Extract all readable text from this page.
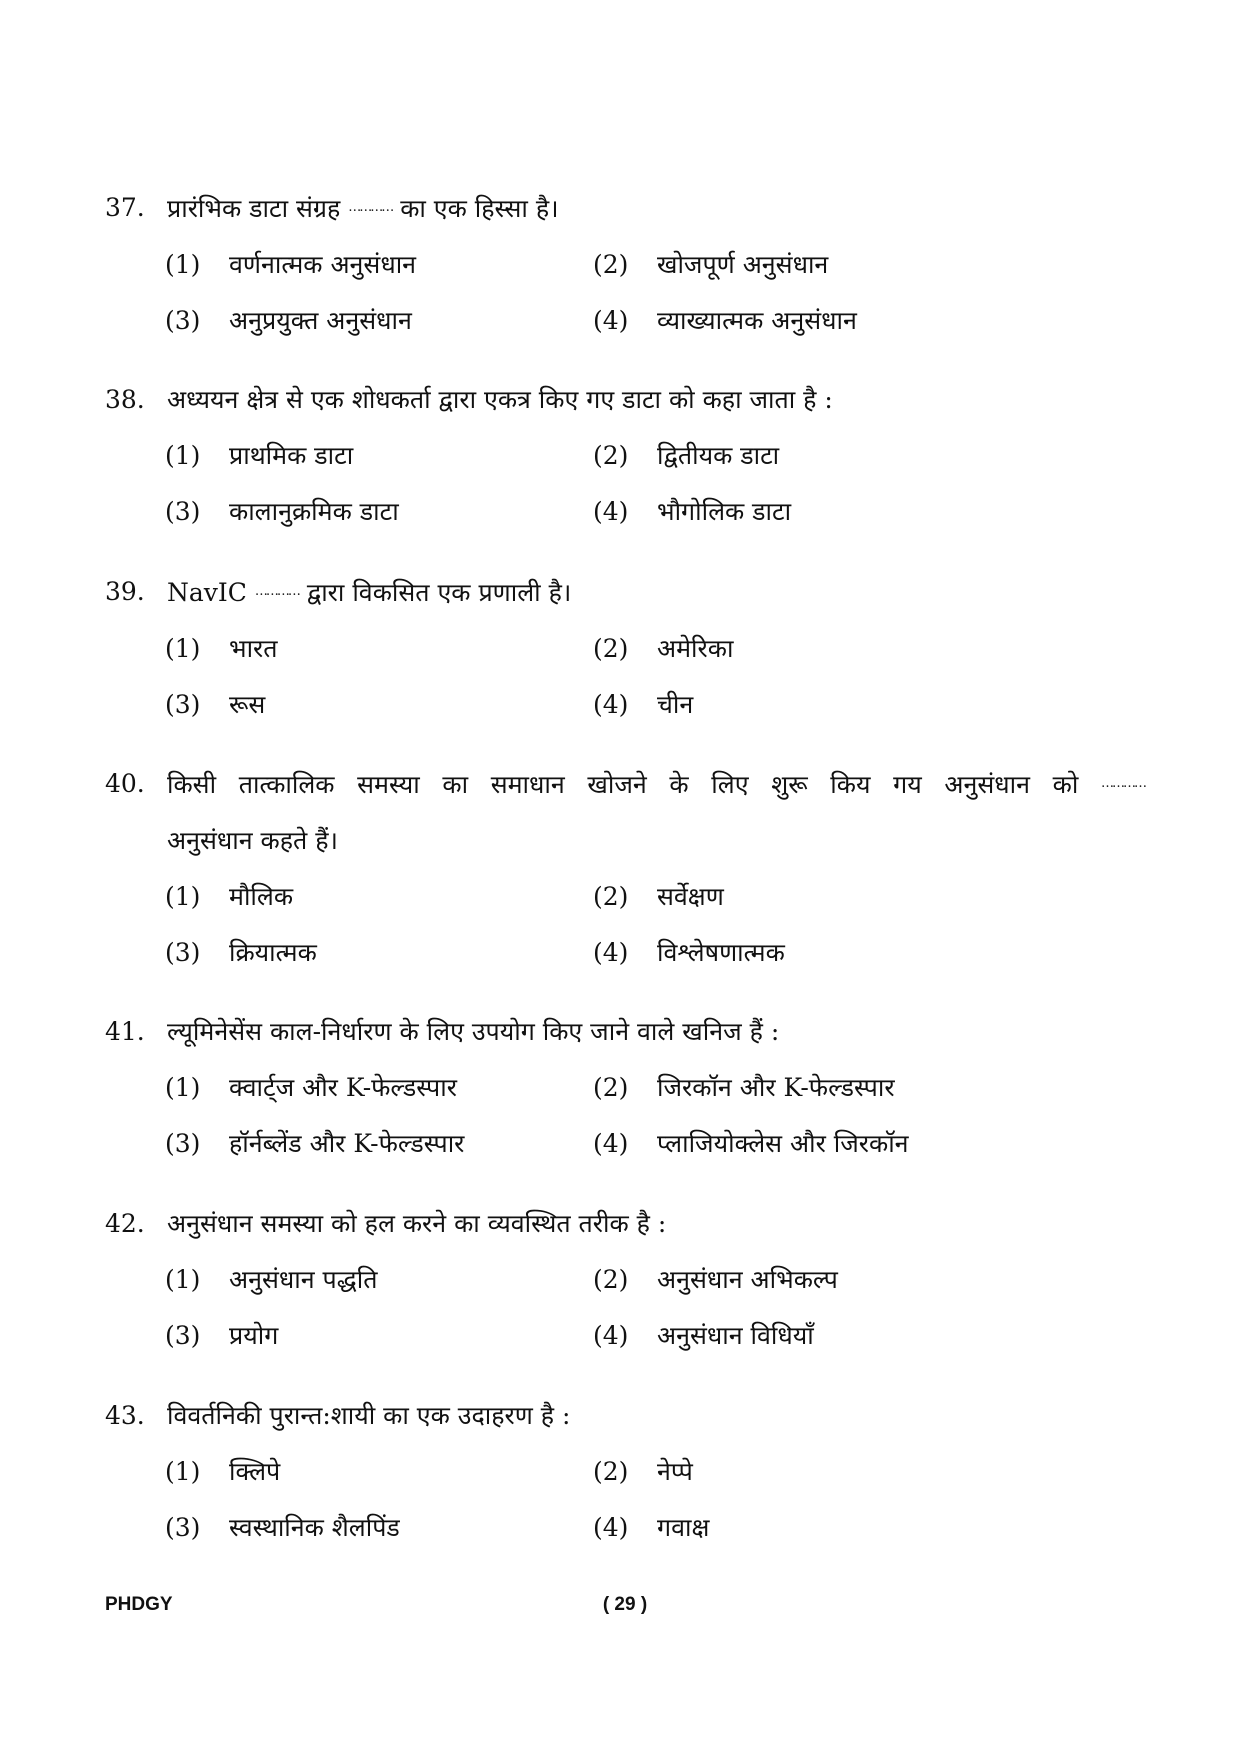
37. प्रारंभिक डाटा संग्रह ………… का एक हिस्सा है।
(1)	वर्णनात्मक अनुसंधान	(2)	खोजपूर्ण अनुसंधान
(3)	अनुप्रयुक्त अनुसंधान	(4)	व्याख्यात्मक अनुसंधान
38. अध्ययन क्षेत्र से एक शोधकर्ता द्वारा एकत्र किए गए डाटा को कहा जाता है :
(1)	प्राथमिक डाटा	(2)	द्वितीयक डाटा
(3)	कालानुक्रमिक डाटा	(4)	भौगोलिक डाटा
39. NavIC ………… द्वारा विकसित एक प्रणाली है।
(1)	भारत	(2)	अमेरिका
(3)	रूस	(4)	चीन
40. किसी तात्कालिक समस्या का समाधान खोजने के लिए शुरू किय गय अनुसंधान को …………
अनुसंधान कहते हैं।
(1)	मौलिक	(2)	सर्वेक्षण
(3)	क्रियात्मक	(4)	विश्लेषणात्मक
41. ल्यूमिनेसेंस काल-निर्धारण के लिए उपयोग किए जाने वाले खनिज हैं :
(1)	क्वार्ट्ज और K-फेल्डस्पार	(2)	जिरकॉन और K-फेल्डस्पार
(3)	हॉर्नब्लेंड और K-फेल्डस्पार	(4)	प्लाजियोक्लेस और जिरकॉन
42. अनुसंधान समस्या को हल करने का व्यवस्थित तरीक है :
(1)	अनुसंधान पद्धति	(2)	अनुसंधान अभिकल्प
(3)	प्रयोग	(4)	अनुसंधान विधियाँ
43. विवर्तनिकी पुरान्त:शायी का एक उदाहरण है :
(1)	क्लिपे	(2)	नेप्पे
(3)	स्वस्थानिक शैलपिंड	(4)	गवाक्ष
PHDGY	( 29 )
